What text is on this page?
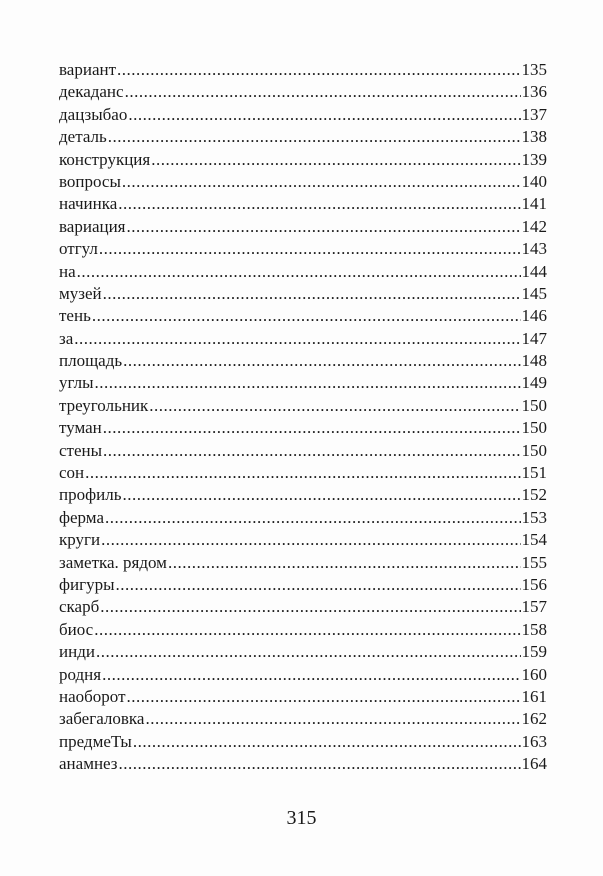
вариант .....	135
декаданс .....	136
дацзыбао .....	137
деталь .....	138
конструкция .....	139
вопросы .....	140
начинка .....	141
вариация .....	142
отгул .....	143
на .....	144
музей .....	145
тень .....	146
за .....	147
площадь .....	148
углы .....	149
треугольник .....	150
туман .....	150
стены .....	150
сон .....	151
профиль .....	152
ферма .....	153
круги .....	154
заметка. рядом .....	155
фигуры .....	156
скарб .....	157
биос .....	158
инди .....	159
родня .....	160
наоборот .....	161
забегаловка .....	162
предмеТы .....	163
анамнез .....	164
315
